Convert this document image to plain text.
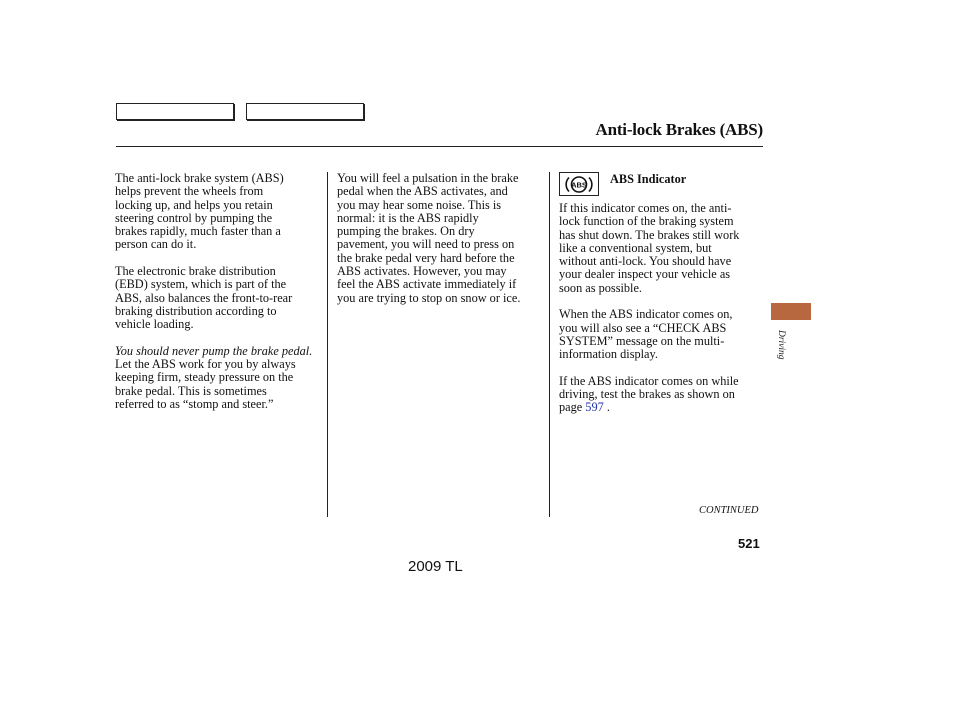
Anti-lock Brakes (ABS)

The anti-lock brake system (ABS)
helps prevent the wheels from
locking up, and helps you retain
steering control by pumping the
brakes rapidly, much faster than a
person can do it.

The electronic brake distribution
(EBD) system, which is part of the
ABS, also balances the front-to-rear
braking distribution according to
vehicle loading.

You should never pump the brake pedal.
Let the ABS work for you by always
keeping firm, steady pressure on the
brake pedal. This is sometimes
referred to as “stomp and steer.”

You will feel a pulsation in the brake
pedal when the ABS activates, and
you may hear some noise. This is
normal: it is the ABS rapidly
pumping the brakes. On dry
pavement, you will need to press on
the brake pedal very hard before the
ABS activates. However, you may
feel the ABS activate immediately if
you are trying to stop on snow or ice.

ABS ABS Indicator

If this indicator comes on, the anti-
lock function of the braking system
has shut down. The brakes still work
like a conventional system, but
without anti-lock. You should have
your dealer inspect your vehicle as
soon as possible.

When the ABS indicator comes on,
you will also see a “CHECK ABS
SYSTEM” message on the multi-
information display.

If the ABS indicator comes on while
driving, test the brakes as shown on
page 597 .

CONTINUED
521
2009 TL
Driving
